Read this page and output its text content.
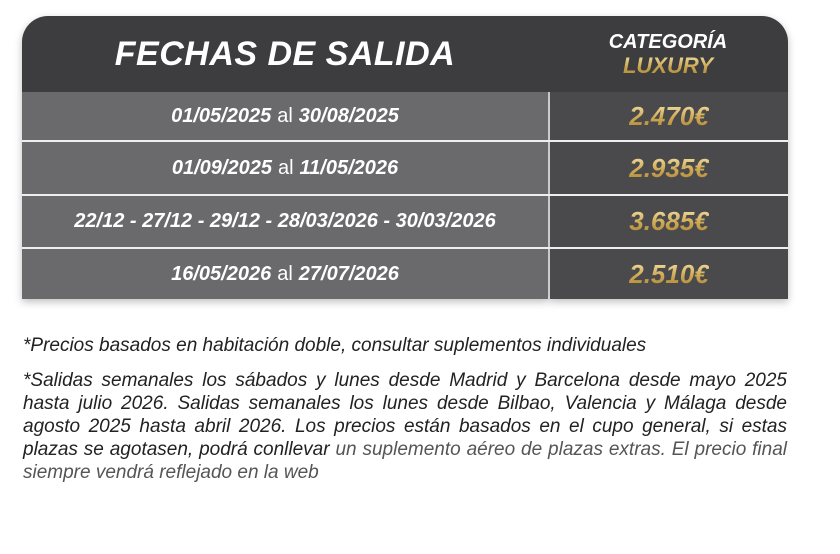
FECHAS DE SALIDA	CATEGORÍA
LUXURY
01/05/2025 al 30/08/2025	2.470€
01/09/2025 al 11/05/2026	2.935€
22/12 - 27/12 - 29/12 - 28/03/2026 - 30/03/2026	3.685€
16/05/2026 al 27/07/2026	2.510€

*Precios basados en habitación doble, consultar suplementos individuales

*Salidas semanales los sábados y lunes desde Madrid y Barcelona desde mayo 2025 hasta julio 2026. Salidas semanales los lunes desde Bilbao, Valencia y Málaga desde agosto 2025 hasta abril 2026. Los precios están basados en el cupo general, si estas plazas se agotasen, podrá conllevar un suplemento aéreo de plazas extras. El precio final siempre vendrá reflejado en la web
